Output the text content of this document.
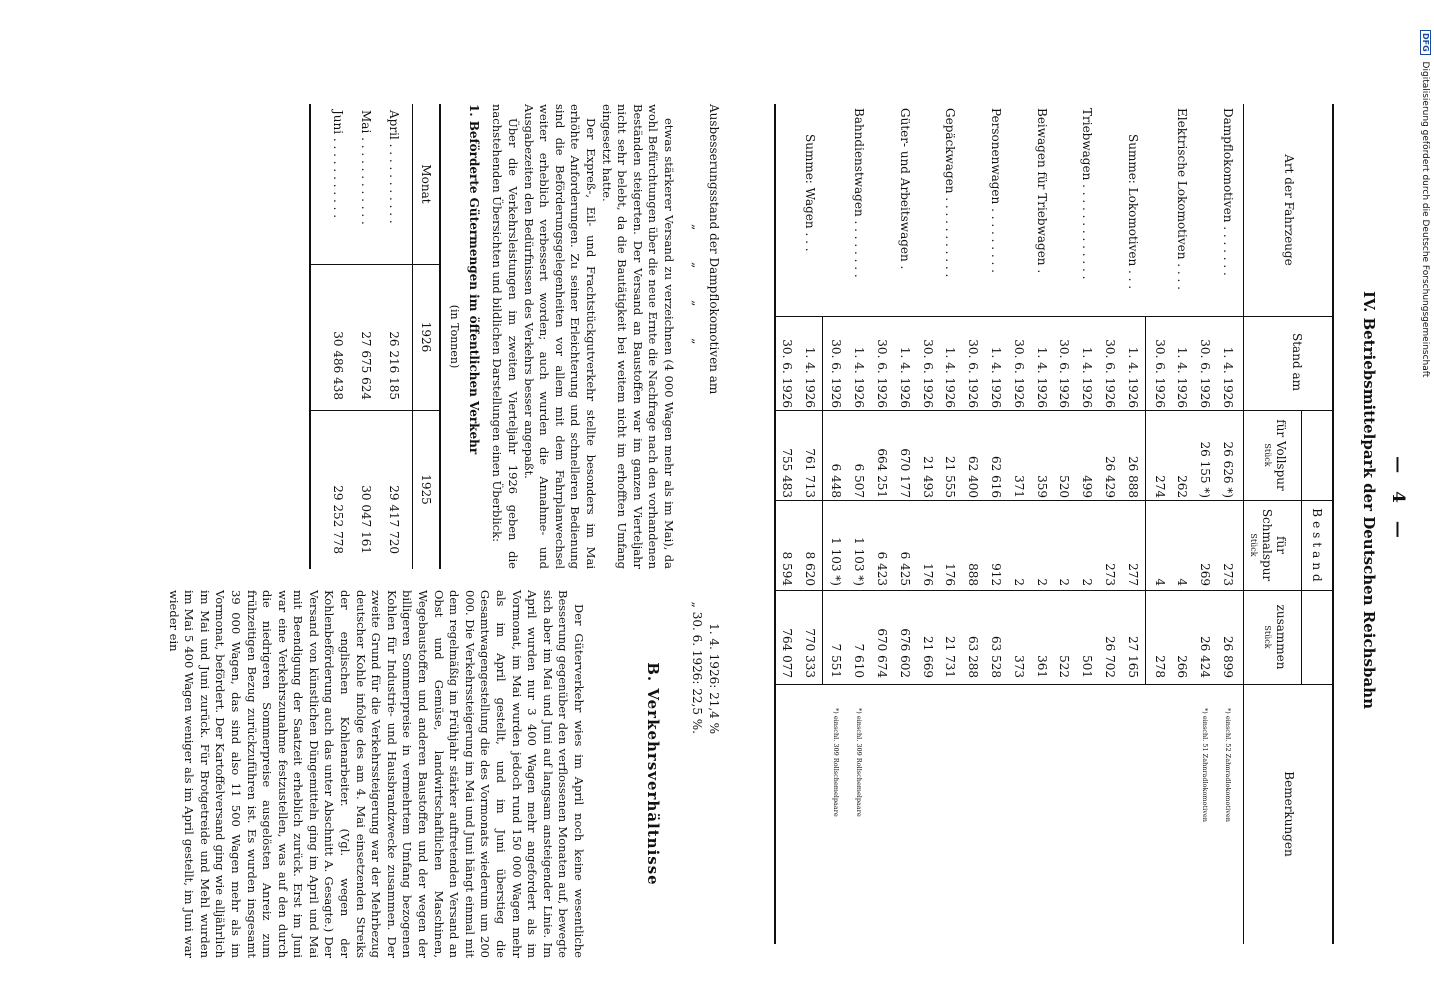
DFG Digitalisierung gefördert durch die Deutsche Forschungsgemeinschaft
— 4 —
IV. Betriebsmittelpark der Deutschen Reichsbahn
Art der Fahrzeuge
Stand am
Bestand
für Vollspur
Stück
für Schmalspur
Stück
zusammen
Stück
Bemerkungen
Dampflokomotiven . . . . . . .
1. 4. 1926
26 626 *)
273
26 899
*) einschl. 52 Zahnradlokomotiven
30. 6. 1926
26 155 *)
269
26 424
*) einschl. 51 Zahnradlokomotiven
Elektrische Lokomotiven . . . .
1. 4. 1926
262
4
266
30. 6. 1926
274
4
278
Summe: Lokomotiven . . .
1. 4. 1926
26 888
277
27 165
30. 6. 1926
26 429
273
26 702
Triebwagen . . . . . . . . . . . . .
1. 4. 1926
499
2
501
30. 6. 1926
520
2
522
Beiwagen für Triebwagen .
1. 4. 1926
359
2
361
30. 6. 1926
371
2
373
Personenwagen . . . . . . . . .
1. 4. 1926
62 616
912
63 528
30. 6. 1926
62 400
888
63 288
Gepäckwagen . . . . . . . . . . .
1. 4. 1926
21 555
176
21 731
30. 6. 1926
21 493
176
21 669
Güter- und Arbeitswagen .
1. 4. 1926
670 177
6 425
676 602
30. 6. 1926
664 251
6 423
670 674
Bahndienstwagen . . . . . . . .
1. 4. 1926
6 507
1 103 *)
7 610
*) einschl. 309 Rollschemelpaare
30. 6. 1926
6 448
1 103 *)
7 551
*) einschl. 309 Rollschemelpaare
Summe: Wagen . . .
1. 4. 1926
761 713
8 620
770 333
30. 6. 1926
755 483
8 594
764 077
Ausbesserungsstand der Dampflokomotiven am
1. 4. 1926: 21,4 %
„ „ „ „
„ 30. 6. 1926: 22,5 %.

etwas stärkerer Versand zu verzeichnen (4 000 Wagen mehr als im Mai), da wohl Befürchtungen über die neue Ernte die Nachfrage nach den vorhandenen Beständen steigerten. Der Versand an Baustoffen war im ganzen Vierteljahr nicht sehr belebt, da die Bautätigkeit bei weitem nicht im erhofften Umfang eingesetzt hatte.

Der Expreß-, Eil- und Frachtstückgutverkehr stellte besonders im Mai erhöhte Anforderungen. Zu seiner Erleichterung und schnelleren Bedienung sind die Beförderungsgelegenheiten vor allem mit dem Fahrplanwechsel weiter erheblich verbessert worden; auch wurden die Annahme- und Ausgabezeiten den Bedürfnissen des Verkehrs besser angepaßt.

Über die Verkehrsleistungen im zweiten Vierteljahr 1926 geben die nachstehenden Übersichten und bildlichen Darstellungen einen Überblick:

1. Beförderte Gütermengen im öffentlichen Verkehr
(in Tonnen)
Monat
1926
1925
April . . . . . . . . . . .
26 216 185
29 417 720
Mai . . . . . . . . . . . .
27 675 624
30 047 161
Juni . . . . . . . . . . .
30 486 438
29 252 778
B. Verkehrsverhältnisse

Der Güterverkehr wies im April noch keine wesentliche Besserung gegenüber den verflossenen Monaten auf, bewegte sich aber im Mai und Juni auf langsam ansteigender Linie. Im April wurden nur 3 400 Wagen mehr angefordert als im Vormonat, im Mai wurden jedoch rund 150 000 Wagen mehr als im April gestellt, und im Juni überstieg die Gesamtwagengestellung die des Vormonats wiederum um 200 000. Die Verkehrssteigerung im Mai und Juni hängt einmal mit dem regelmäßig im Frühjahr stärker auftretenden Versand an Obst und Gemüse, landwirtschaftlichen Maschinen, Wegebaustoffen und anderen Baustoffen und der wegen der billigeren Sommerpreise in vermehrtem Umfang bezogenen Kohlen für Industrie- und Hausbrandzwecke zusammen. Der zweite Grund für die Verkehrssteigerung war der Mehrbezug deutscher Kohle infolge des am 4. Mai einsetzenden Streiks der englischen Kohlenarbeiter. (Vgl. wegen der Kohlenbeförderung auch das unter Abschnitt A. Gesagte.) Der Versand von künstlichen Düngemitteln ging im April und Mai mit Beendigung der Saatzeit erheblich zurück. Erst im Juni war eine Verkehrszunahme festzustellen, was auf den durch die niedrigeren Sommerpreise ausgelösten Anreiz zum frühzeitigen Bezug zurückzuführen ist. Es wurden insgesamt 39 000 Wagen, das sind also 11 500 Wagen mehr als im Vormonat, befördert. Der Kartoffelversand ging wie alljährlich im Mai und Juni zurück. Für Brotgetreide und Mehl wurden im Mai 5 400 Wagen weniger als im April gestellt, im Juni war wieder ein
